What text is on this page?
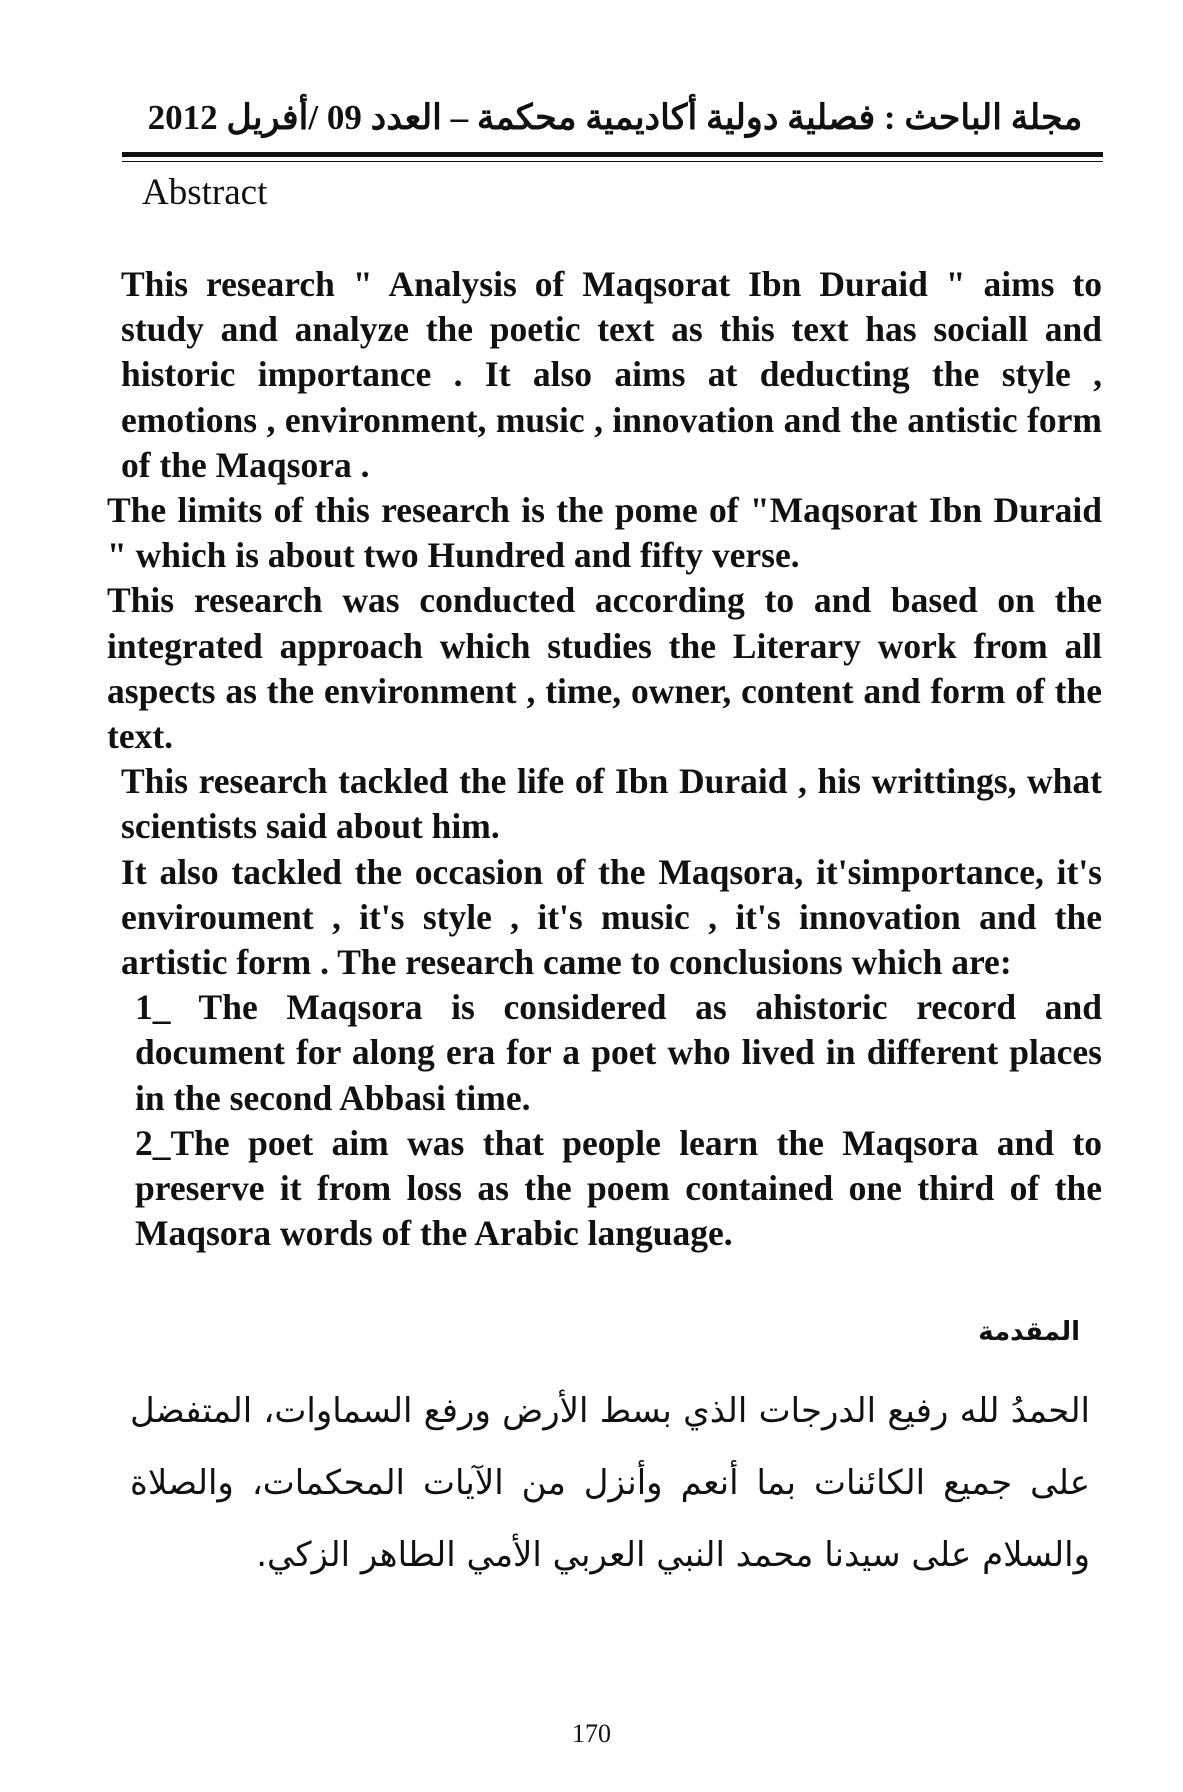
مجلة الباحث : فصلية دولية أكاديمية محكمة – العدد 09 /أفريل 2012
Abstract

This research " Analysis of Maqsorat Ibn Duraid " aims to study and analyze the poetic text as this text has sociall and historic importance . It also aims at deducting the style , emotions , environment, music , innovation and the antistic form of the Maqsora .

The limits of this research is the pome of "Maqsorat Ibn Duraid " which is about two Hundred and fifty verse.

This research was conducted according to and based on the integrated approach which studies the Literary work from all aspects as the environment , time, owner, content and form of the text.

This research tackled the life of Ibn Duraid , his writtings, what scientists said about him.

It also tackled the occasion of the Maqsora, it'simportance, it's enviroument , it's style , it's music , it's innovation and the artistic form . The research came to conclusions which are:

1_ The Maqsora is considered as ahistoric record and document for along era for a poet who lived in different places in the second Abbasi time.

2_The poet aim was that people learn the Maqsora and to preserve it from loss as the poem contained one third of the Maqsora words of the Arabic language.

المقدمة

الحمدُ لله رفيع الدرجات الذي بسط الأرض ورفع السماوات، المتفضل على جميع الكائنات بما أنعم وأنزل من الآيات المحكمات، والصلاة والسلام على سيدنا محمد النبي العربي الأمي الطاهر الزكي.

170
